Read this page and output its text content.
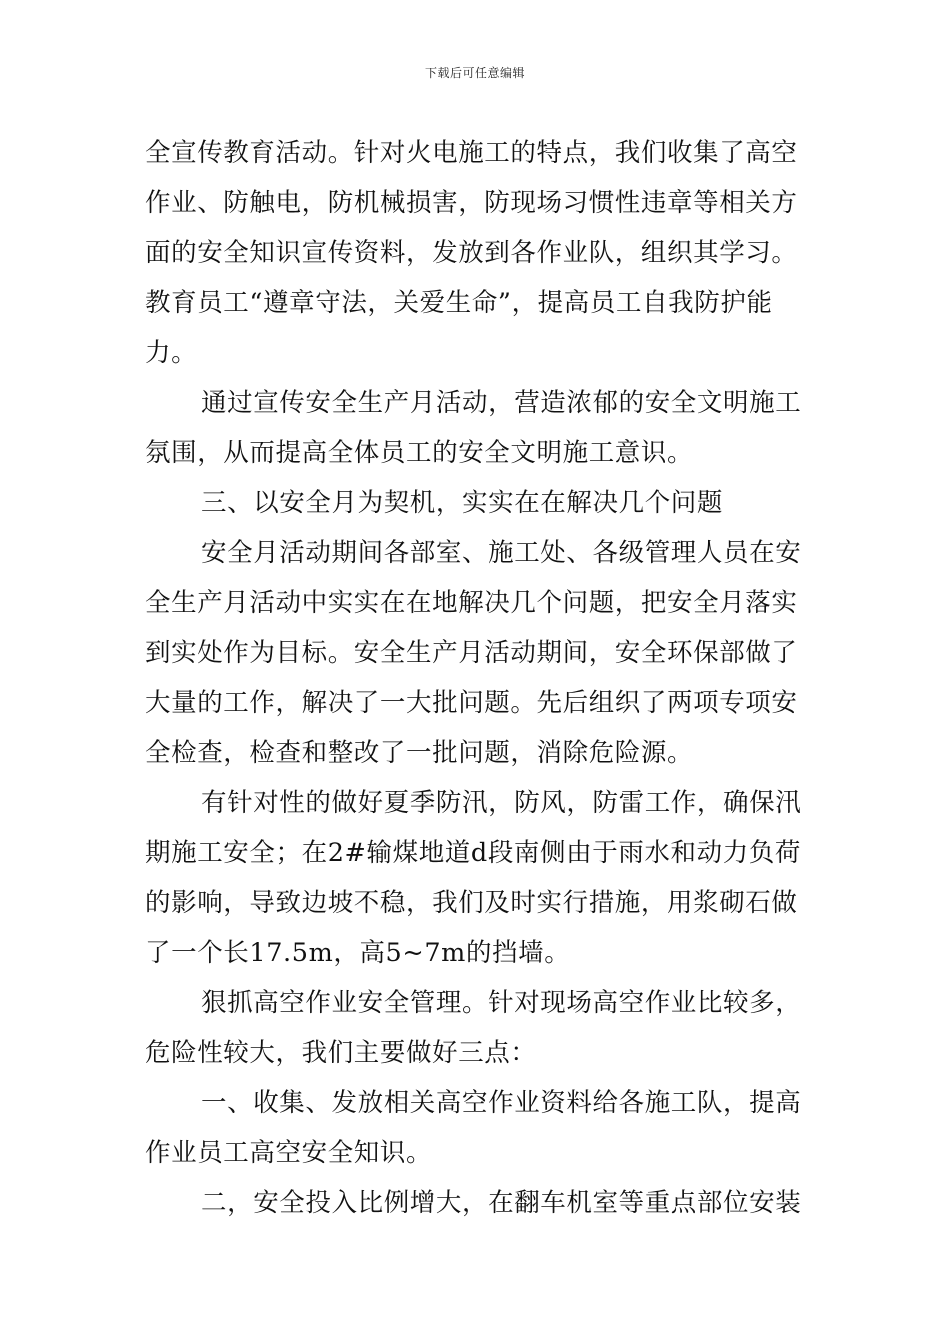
下载后可任意编辑
全宣传教育活动。针对火电施工的特点，我们收集了高空
作业、防触电，防机械损害，防现场习惯性违章等相关方
面的安全知识宣传资料，发放到各作业队，组织其学习。
教育员工“遵章守法，关爱生命”，提高员工自我防护能
力。
通过宣传安全生产月活动，营造浓郁的安全文明施工
氛围，从而提高全体员工的安全文明施工意识。
三、以安全月为契机，实实在在解决几个问题
安全月活动期间各部室、施工处、各级管理人员在安
全生产月活动中实实在在地解决几个问题，把安全月落实
到实处作为目标。安全生产月活动期间，安全环保部做了
大量的工作，解决了一大批问题。先后组织了两项专项安
全检查，检查和整改了一批问题，消除危险源。
有针对性的做好夏季防汛，防风，防雷工作，确保汛
期施工安全；在2#输煤地道d段南侧由于雨水和动力负荷
的影响，导致边坡不稳，我们及时实行措施，用浆砌石做
了一个长17.5m，高5~7m的挡墙。
狠抓高空作业安全管理。针对现场高空作业比较多，
危险性较大，我们主要做好三点：
一、收集、发放相关高空作业资料给各施工队，提高
作业员工高空安全知识。
二，安全投入比例增大，在翻车机室等重点部位安装
